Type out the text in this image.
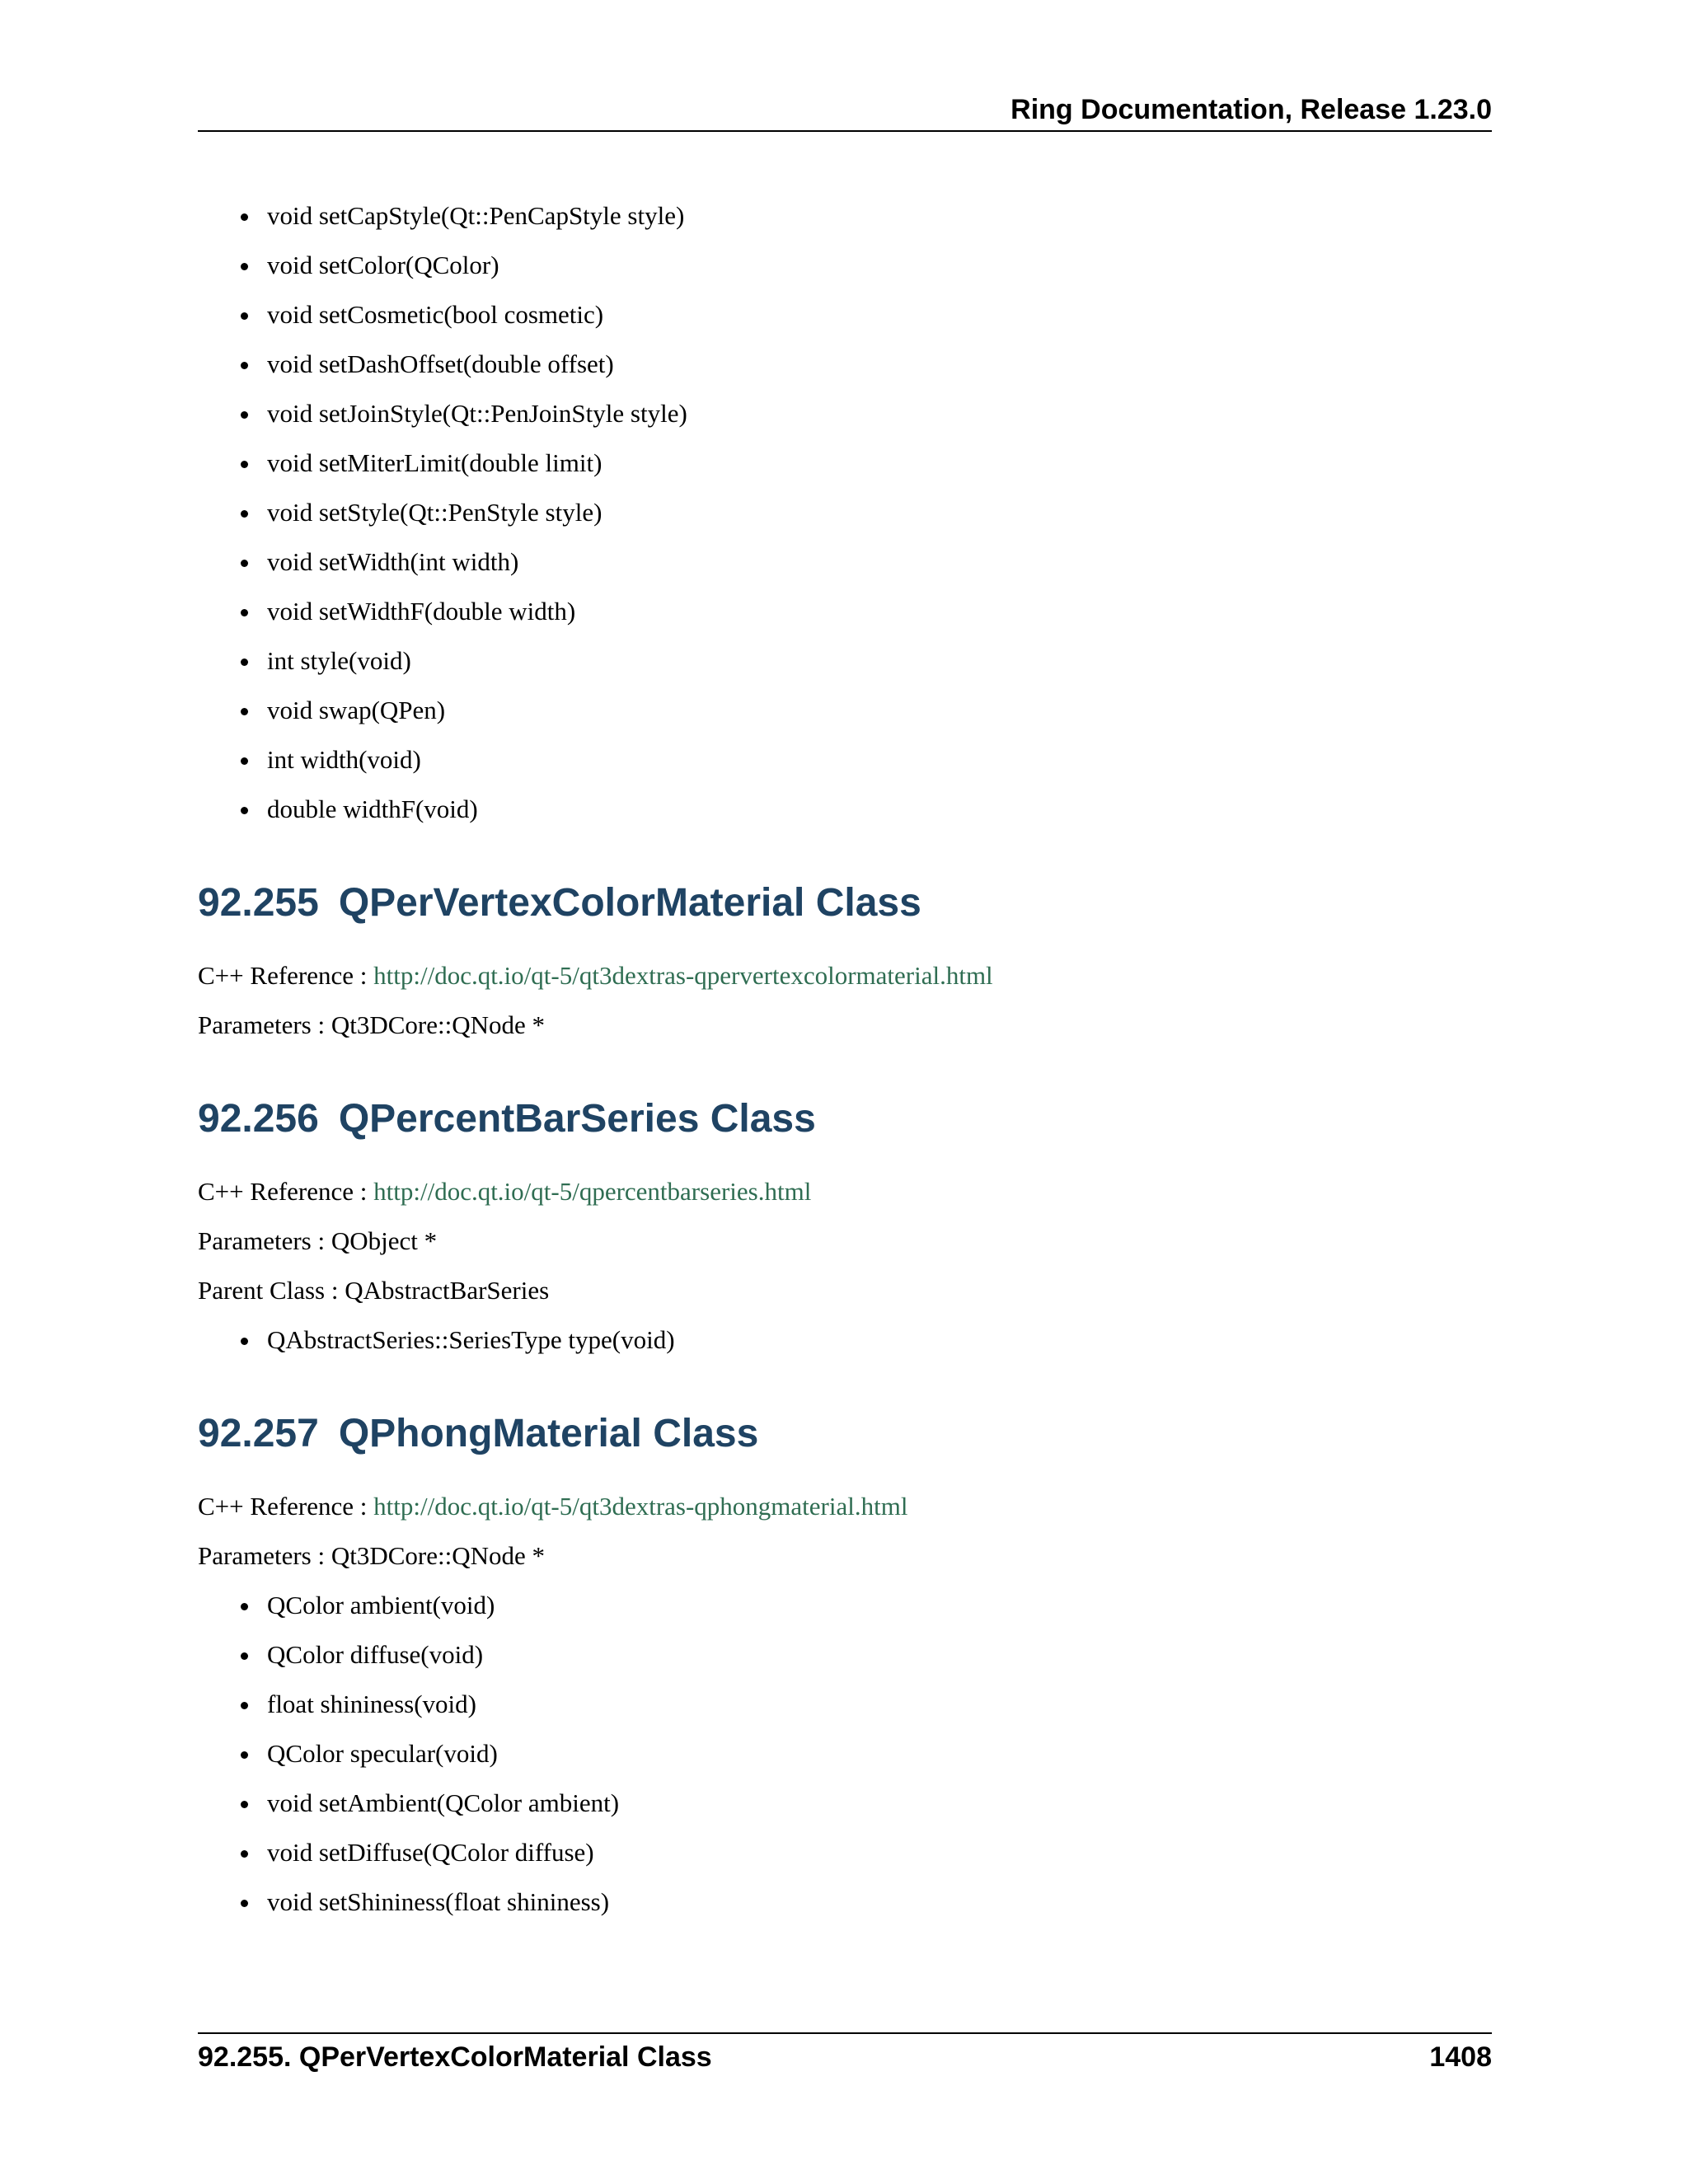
Ring Documentation, Release 1.23.0
void setCapStyle(Qt::PenCapStyle style)
void setColor(QColor)
void setCosmetic(bool cosmetic)
void setDashOffset(double offset)
void setJoinStyle(Qt::PenJoinStyle style)
void setMiterLimit(double limit)
void setStyle(Qt::PenStyle style)
void setWidth(int width)
void setWidthF(double width)
int style(void)
void swap(QPen)
int width(void)
double widthF(void)
92.255 QPerVertexColorMaterial Class
C++ Reference : http://doc.qt.io/qt-5/qt3dextras-qpervertexcolormaterial.html
Parameters : Qt3DCore::QNode *
92.256 QPercentBarSeries Class
C++ Reference : http://doc.qt.io/qt-5/qpercentbarseries.html
Parameters : QObject *
Parent Class : QAbstractBarSeries
QAbstractSeries::SeriesType type(void)
92.257 QPhongMaterial Class
C++ Reference : http://doc.qt.io/qt-5/qt3dextras-qphongmaterial.html
Parameters : Qt3DCore::QNode *
QColor ambient(void)
QColor diffuse(void)
float shininess(void)
QColor specular(void)
void setAmbient(QColor ambient)
void setDiffuse(QColor diffuse)
void setShininess(float shininess)
92.255. QPerVertexColorMaterial Class	1408
